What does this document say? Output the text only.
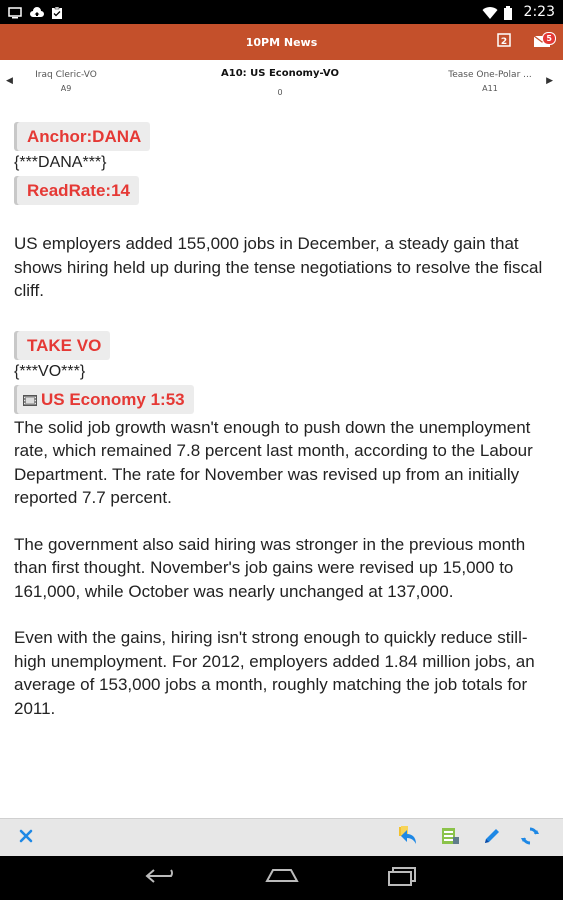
2:23
10PM News	2	5
◀
Iraq Cleric-VO
A9
A10: US Economy-VO
0
Tease One-Polar ...
A11
▶
Anchor:DANA
{***DANA***}
ReadRate:14

US employers added 155,000 jobs in December, a steady gain that shows hiring held up during the tense negotiations to resolve the fiscal cliff.

TAKE VO
{***VO***}
US Economy 1:53

The solid job growth wasn't enough to push down the unemployment rate, which remained 7.8 percent last month, according to the Labour Department. The rate for November was revised up from an initially reported 7.7 percent.

The government also said hiring was stronger in the previous month than first thought. November's job gains were revised up 15,000 to 161,000, while October was nearly unchanged at 137,000.

Even with the gains, hiring isn't strong enough to quickly reduce still-high unemployment. For 2012, employers added 1.84 million jobs, an average of 153,000 jobs a month, roughly matching the job totals for 2011.
